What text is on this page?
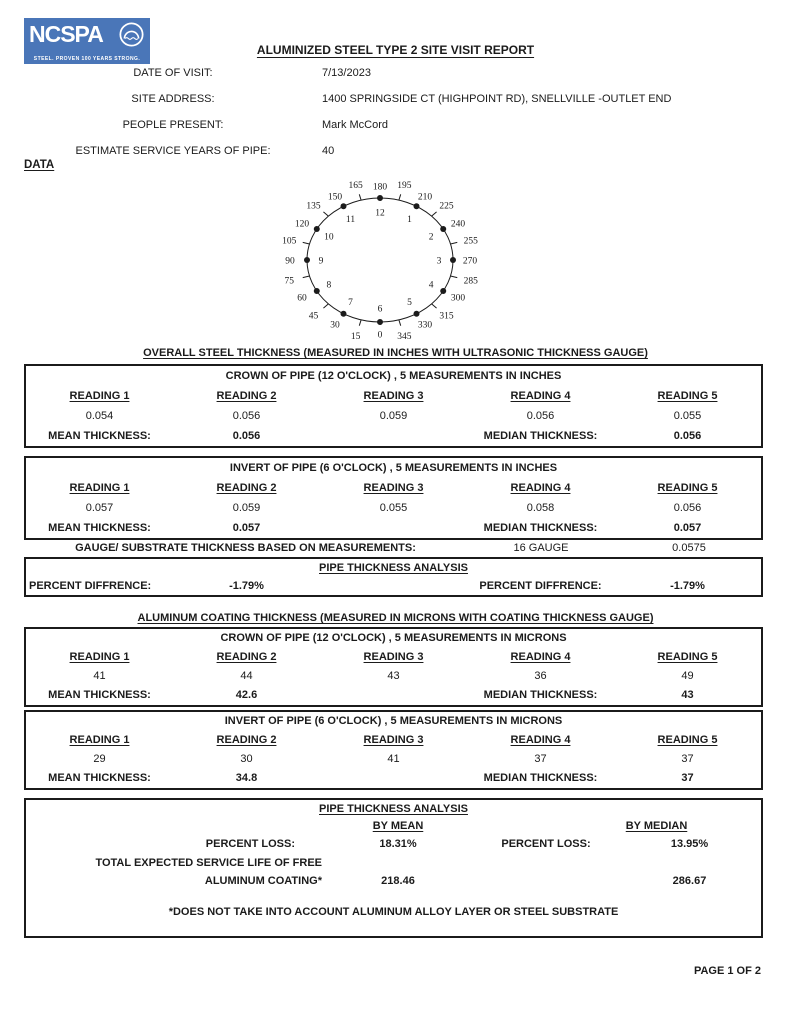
NCSPA
STEEL. PROVEN 100 YEARS STRONG.
ALUMINIZED STEEL TYPE 2 SITE VISIT REPORT
DATE OF VISIT:	7/13/2023
SITE ADDRESS:	1400 SPRINGSIDE CT (HIGHPOINT RD), SNELLVILLE -OUTLET END
PEOPLE PRESENT:	Mark McCord
ESTIMATE SERVICE YEARS OF PIPE:	40
DATA
12
180 195
1
210
225
2
240
255
3 270
285
4
300
315
5
330
345
6
0
15
7
30
45
8
60
75
9
90
105	10
120
135
11
150
165
OVERALL STEEL THICKNESS (MEASURED IN INCHES WITH ULTRASONIC THICKNESS GAUGE)
CROWN OF PIPE (12 O'CLOCK) , 5 MEASUREMENTS IN INCHES
READING 1	READING 2	READING 3	READING 4	READING 5
0.054	0.056	0.059	0.056	0.055
MEAN THICKNESS:	0.056	MEDIAN THICKNESS:	0.056
INVERT OF PIPE (6 O'CLOCK) , 5 MEASUREMENTS IN INCHES
READING 1	READING 2	READING 3	READING 4	READING 5
0.057	0.059	0.055	0.058	0.056
MEAN THICKNESS:	0.057	MEDIAN THICKNESS:	0.057
GAUGE/ SUBSTRATE THICKNESS BASED ON MEASUREMENTS:	16 GAUGE	0.0575
PIPE THICKNESS ANALYSIS
PERCENT DIFFRENCE:	-1.79%	PERCENT DIFFRENCE:	-1.79%
ALUMINUM COATING THICKNESS (MEASURED IN MICRONS WITH COATING THICKNESS GAUGE)
CROWN OF PIPE (12 O'CLOCK) , 5 MEASUREMENTS IN MICRONS
READING 1	READING 2	READING 3	READING 4	READING 5
41	44	43	36	49
MEAN THICKNESS:	42.6	MEDIAN THICKNESS:	43
INVERT OF PIPE (6 O'CLOCK) , 5 MEASUREMENTS IN MICRONS
READING 1	READING 2	READING 3	READING 4	READING 5
29	30	41	37	37
MEAN THICKNESS:	34.8	MEDIAN THICKNESS:	37
PIPE THICKNESS ANALYSIS
BY MEAN	BY MEDIAN
PERCENT LOSS:	18.31%	PERCENT LOSS:	13.95%
TOTAL EXPECTED SERVICE LIFE OF FREE
ALUMINUM COATING*	218.46	286.67
*DOES NOT TAKE INTO ACCOUNT ALUMINUM ALLOY LAYER OR STEEL SUBSTRATE
PAGE 1 OF 2
